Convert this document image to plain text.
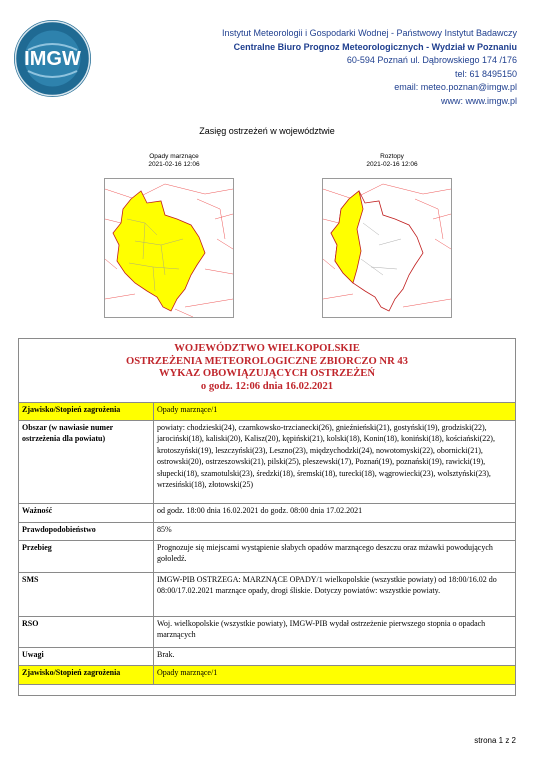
IMGW
Instytut Meteorologii i Gospodarki Wodnej - Państwowy Instytut Badawczy
Centralne Biuro Prognoz Meteorologicznych - Wydział w Poznaniu
60-594 Poznań ul. Dąbrowskiego 174 /176
tel: 61 8495150
email: meteo.poznan@imgw.pl
www: www.imgw.pl
Zasięg ostrzeżeń w województwie
Opady marznące
2021-02-16 12:06
Roztopy
2021-02-16 12:06
WOJEWÓDZTWO WIELKOPOLSKIE
OSTRZEŻENIA METEOROLOGICZNE ZBIORCZO NR 43
WYKAZ OBOWIĄZUJĄCYCH OSTRZEŻEŃ
o godz. 12:06 dnia 16.02.2021
Zjawisko/Stopień zagrożenia	Opady marznące/1
Obszar (w nawiasie numer ostrzeżenia dla powiatu)	powiaty: chodzieski(24), czarnkowsko-trzcianecki(26), gnieźnieński(21), gostyński(19), grodziski(22), jarociński(18), kaliski(20), Kalisz(20), kępiński(21), kolski(18), Konin(18), koniński(18), kościański(22), krotoszyński(19), leszczyński(23), Leszno(23), międzychodzki(24), nowotomyski(22), obornicki(21), ostrowski(20), ostrzeszowski(21), pilski(25), pleszewski(17), Poznań(19), poznański(19), rawicki(19), słupecki(18), szamotulski(23), średzki(18), śremski(18), turecki(18), wągrowiecki(23), wolsztyński(23), wrzesiński(18), złotowski(25)
Ważność	od godz. 18:00 dnia 16.02.2021 do godz. 08:00 dnia 17.02.2021
Prawdopodobieństwo	85%
Przebieg	Prognozuje się miejscami wystąpienie słabych opadów marznącego deszczu oraz mżawki powodujących gołoledź.
SMS	IMGW-PIB OSTRZEGA: MARZNĄCE OPADY/1 wielkopolskie (wszystkie powiaty) od 18:00/16.02 do 08:00/17.02.2021 marznące opady, drogi śliskie. Dotyczy powiatów: wszystkie powiaty.
RSO	Woj. wielkopolskie (wszystkie powiaty), IMGW-PIB wydał ostrzeżenie pierwszego stopnia o opadach marznących
Uwagi	Brak.
Zjawisko/Stopień zagrożenia	Opady marznące/1
strona 1 z 2
